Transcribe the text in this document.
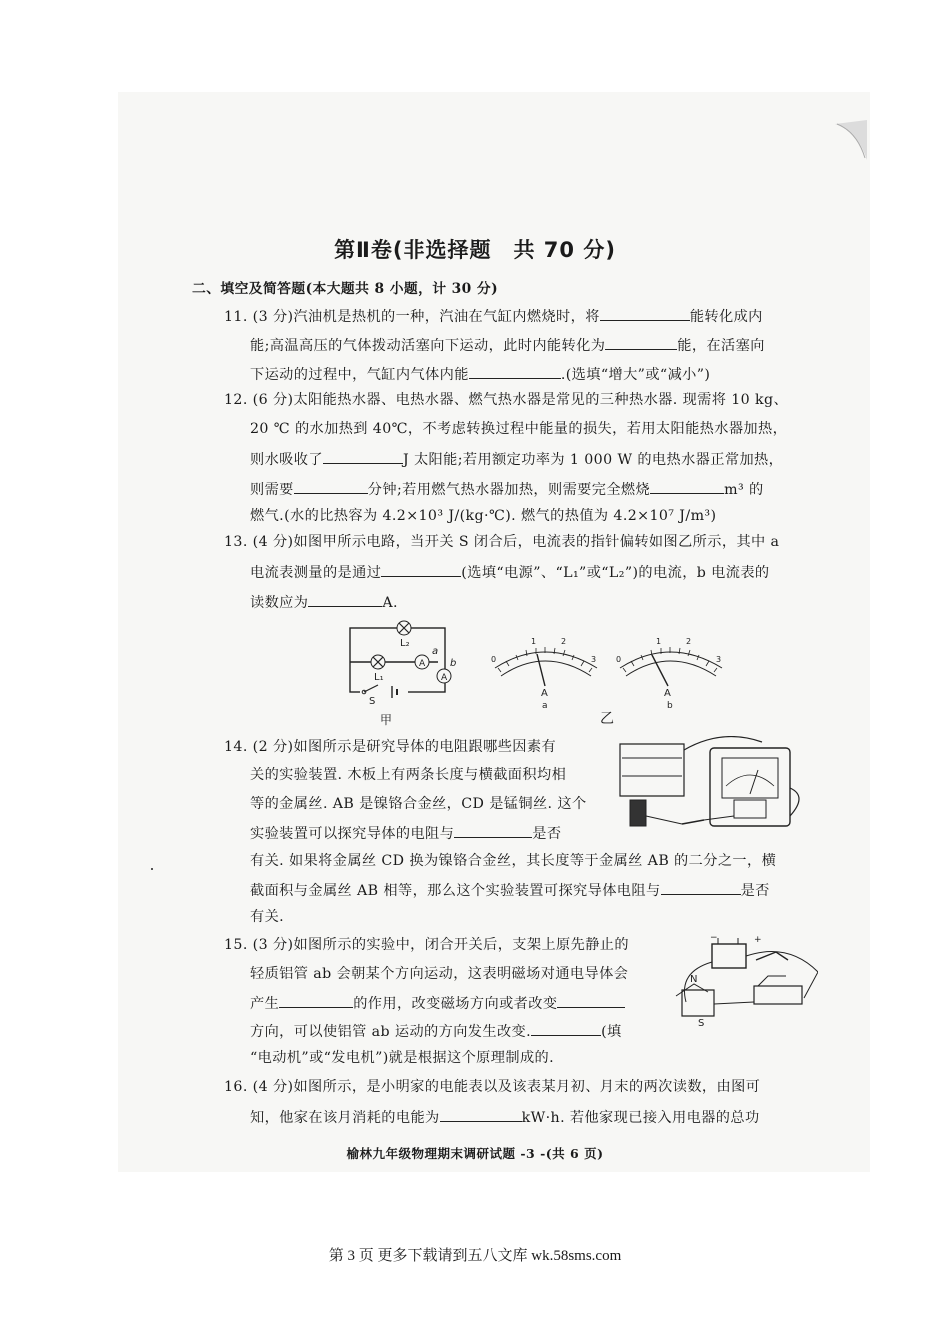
第Ⅱ卷(非选择题　共 70 分)
二、填空及简答题(本大题共 8 小题，计 30 分)
11. (3 分)汽油机是热机的一种，汽油在气缸内燃烧时，将	能转化成内
能;高温高压的气体拨动活塞向下运动，此时内能转化为	能，在活塞向
下运动的过程中，气缸内气体内能	.(选填“增大”或“减小”)
12. (6 分)太阳能热水器、电热水器、燃气热水器是常见的三种热水器. 现需将 10 kg、
20 ℃ 的水加热到 40℃，不考虑转换过程中能量的损失，若用太阳能热水器加热，
则水吸收了	J 太阳能;若用额定功率为 1 000 W 的电热水器正常加热，
则需要	分钟;若用燃气热水器加热，则需要完全燃烧	m³ 的
燃气.(水的比热容为 4.2×10³ J/(kg·℃). 燃气的热值为 4.2×10⁷ J/m³)
13. (4 分)如图甲所示电路，当开关 S 闭合后，电流表的指针偏转如图乙所示，其中 a
电流表测量的是通过	(选填“电源”、“L₁”或“L₂”)的电流，b 电流表的
读数应为	A.
A
A
L₂
L₁
a
b
S
甲
0
1	2
3
A
a
0
1	2
3
A
b
乙
14. (2 分)如图所示是研究导体的电阻跟哪些因素有
关的实验装置. 木板上有两条长度与横截面积均相
等的金属丝. AB 是镍铬合金丝，CD 是锰铜丝. 这个
实验装置可以探究导体的电阻与	是否
有关. 如果将金属丝 CD 换为镍铬合金丝，其长度等于金属丝 AB 的二分之一，横
截面积与金属丝 AB 相等，那么这个实验装置可探究导体电阻与	是否
有关.
15. (3 分)如图所示的实验中，闭合开关后，支架上原先静止的
轻质铝管 ab 会朝某个方向运动，这表明磁场对通电导体会
产生	的作用，改变磁场方向或者改变
方向，可以使铝管 ab 运动的方向发生改变.	(填
“电动机”或“发电机”)就是根据这个原理制成的.
+
−
N
S
16. (4 分)如图所示，是小明家的电能表以及该表某月初、月末的两次读数，由图可
知，他家在该月消耗的电能为	kW·h. 若他家现已接入用电器的总功
榆林九年级物理期末调研试题 -3 -(共 6 页)
第 3 页 更多下载请到五八文库 wk.58sms.com
